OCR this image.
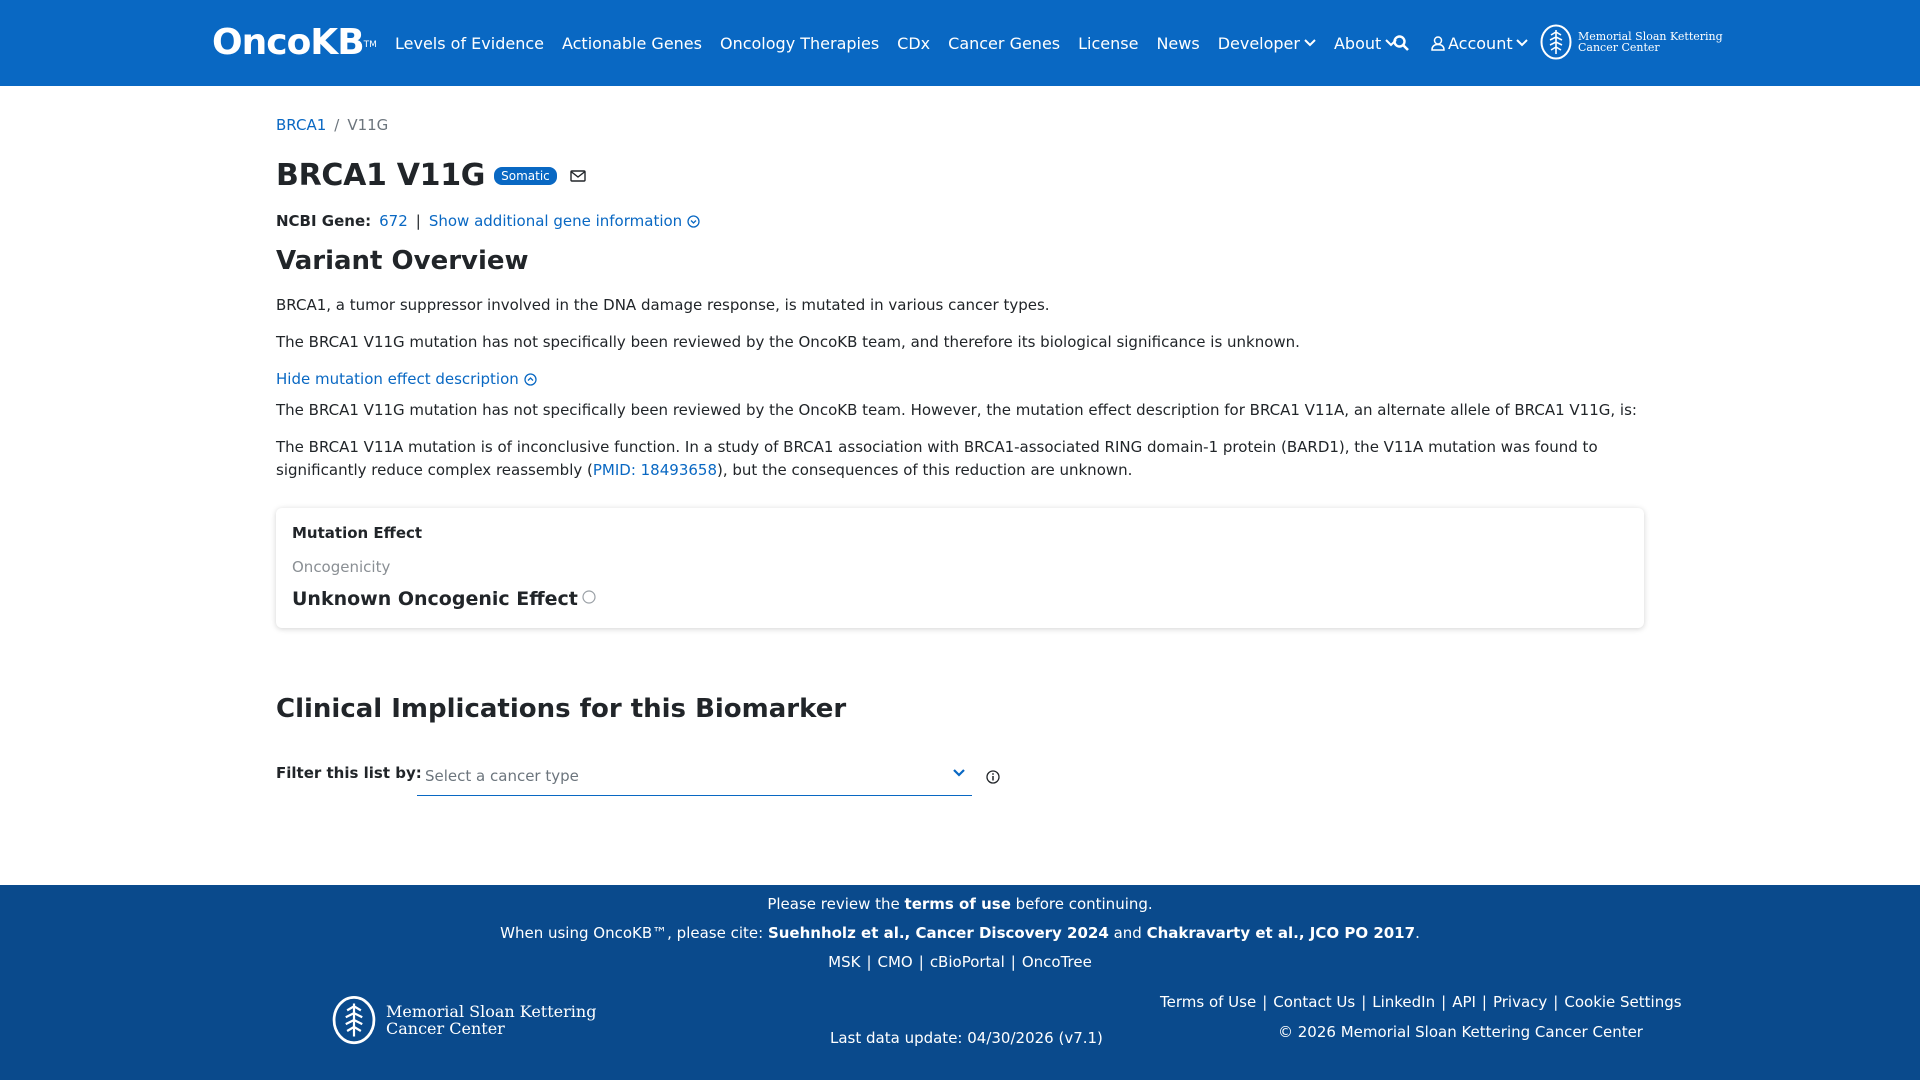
OncoKB™ Levels of Evidence Actionable Genes Oncology Therapies CDx Cancer Genes License News Developer About	Account	Memorial Sloan Kettering
Cancer Center
BRCA1 / V11G
BRCA1 V11G	Somatic
NCBI Gene: 672 | Show additional gene information
Variant Overview

BRCA1, a tumor suppressor involved in the DNA damage response, is mutated in various cancer types.

The BRCA1 V11G mutation has not specifically been reviewed by the OncoKB team, and therefore its biological significance is unknown.

Hide mutation effect description

The BRCA1 V11G mutation has not specifically been reviewed by the OncoKB team. However, the mutation effect description for BRCA1 V11A, an alternate allele of BRCA1 V11G, is:

The BRCA1 V11A mutation is of inconclusive function. In a study of BRCA1 association with BRCA1-associated RING domain-1 protein (BARD1), the V11A mutation was found to significantly reduce complex reassembly (PMID: 18493658), but the consequences of this reduction are unknown.

Mutation Effect
Oncogenicity
Unknown Oncogenic Effect
Clinical Implications for this Biomarker
Filter this list by: Select a cancer type
Please review the terms of use before continuing.
When using OncoKB™, please cite: Suehnholz et al., Cancer Discovery 2024 and Chakravarty et al., JCO PO 2017.
MSK | CMO | cBioPortal | OncoTree
Memorial Sloan Kettering
Cancer Center	Last data update: 04/30/2026 (v7.1)
Terms of Use | Contact Us | LinkedIn | API | Privacy | Cookie Settings
© 2026 Memorial Sloan Kettering Cancer Center
